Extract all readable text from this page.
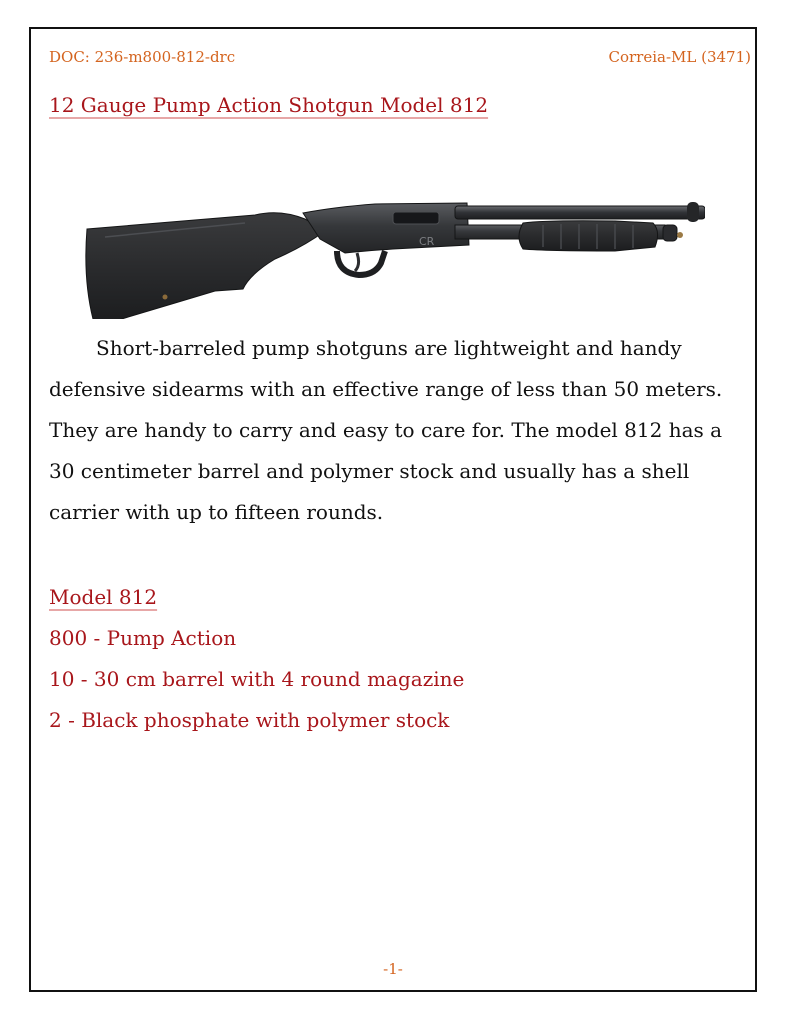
DOC: 236-m800-812-drc	Correia-ML (3471)
12 Gauge Pump Action Shotgun Model 812
CR

Short-barreled pump shotguns are lightweight and handy defensive sidearms with an effective range of less than 50 meters. They are handy to carry and easy to care for. The model 812 has a 30 centimeter barrel and polymer stock and usually has a shell carrier with up to fifteen rounds.

Model 812
800 - Pump Action
10 - 30 cm barrel with 4 round magazine
2 - Black phosphate with polymer stock
-1-
